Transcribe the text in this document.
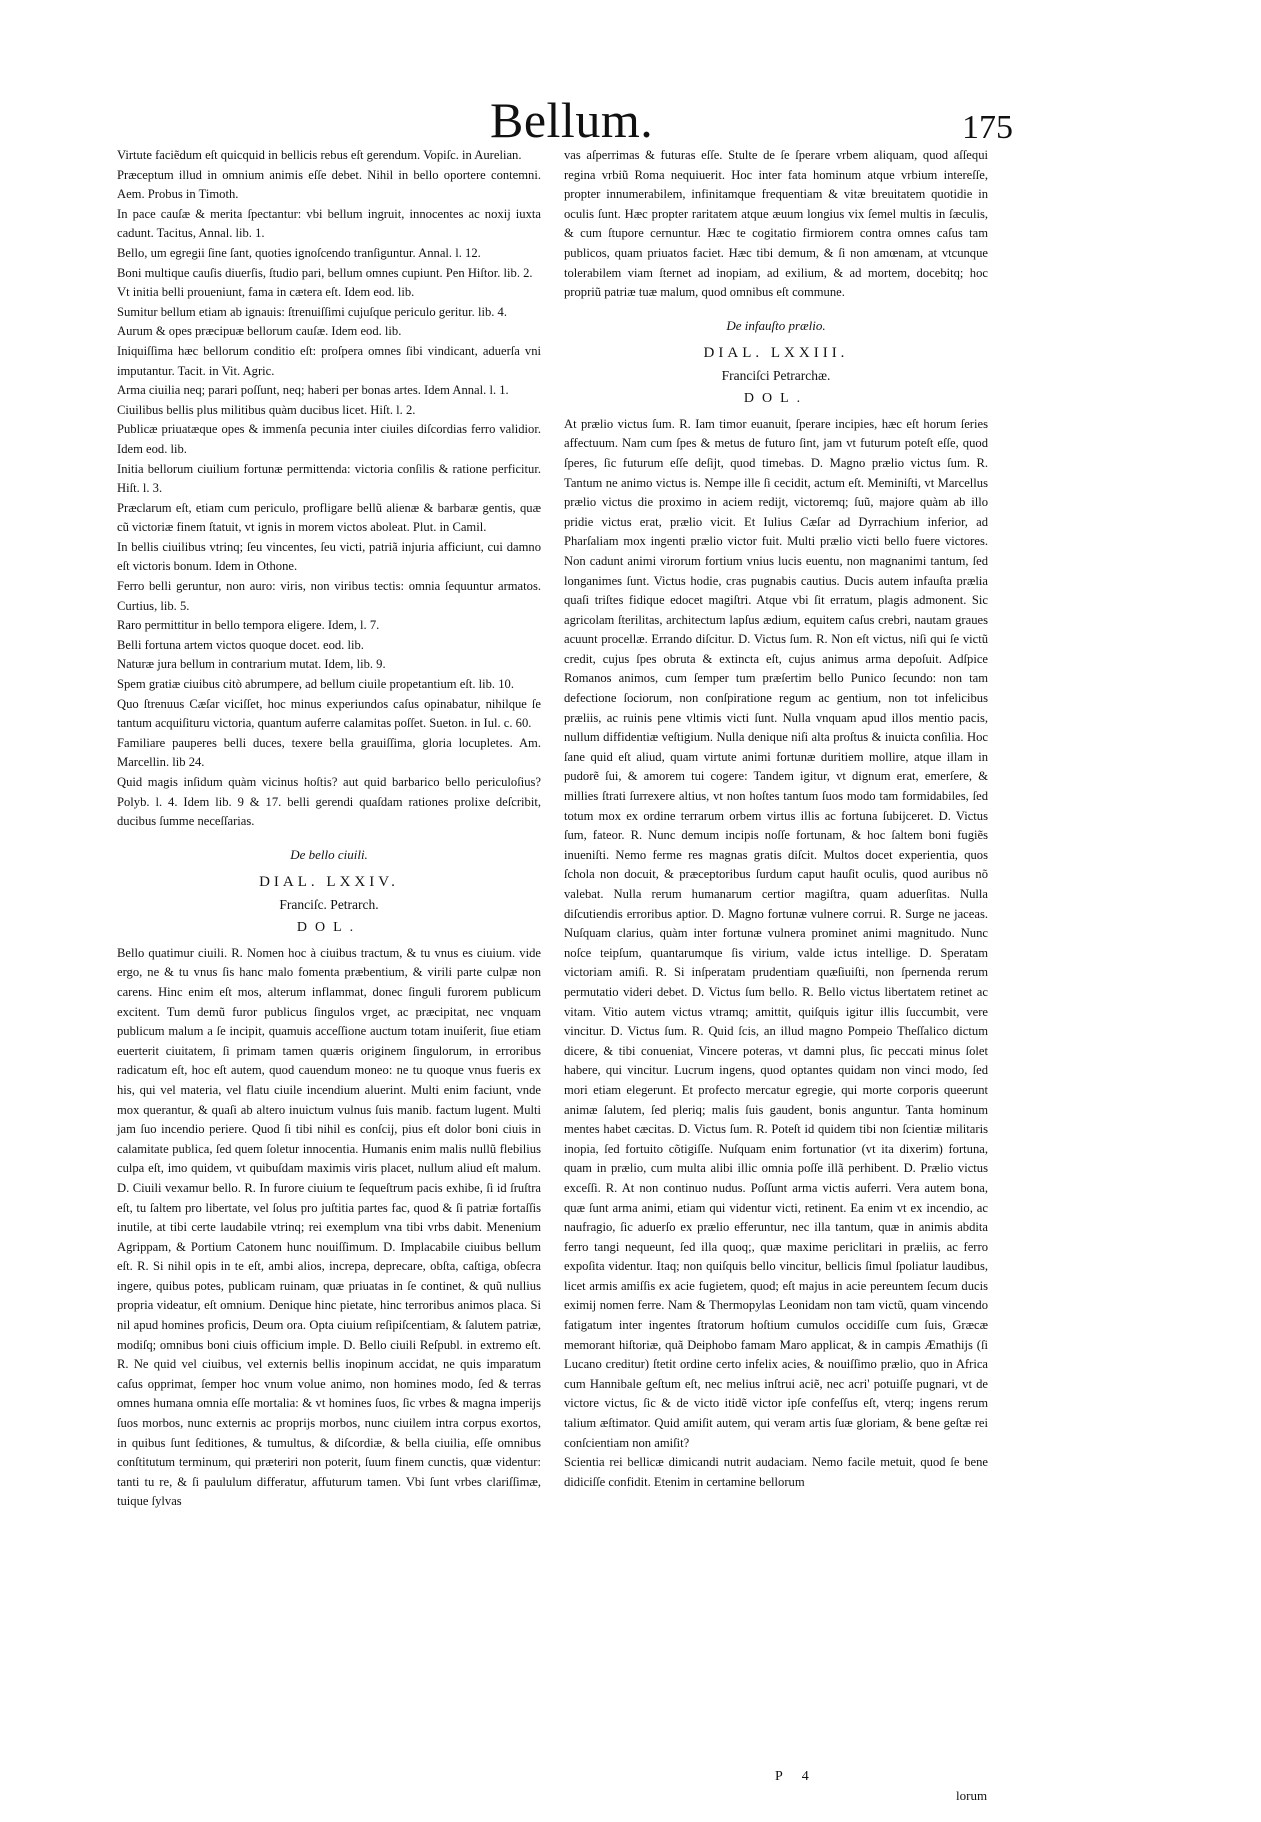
Bellum.	175

Virtute faciẽdum eſt quicquid in bellicis rebus eſt gerendum. Vopiſc. in Aurelian.

Præceptum illud in omnium animis eſſe debet. Nihil in bello oportere contemni. Aem. Probus in Timoth.

In pace cauſæ & merita ſpectantur: vbi bellum ingruit, innocentes ac noxij iuxta cadunt. Tacitus, Annal. lib. 1.

Bello, um egregii ſine ſant, quoties ignoſcendo tranſiguntur. Annal. l. 12.

Boni multique cauſis diuerſis, ſtudio pari, bellum omnes cupiunt. Pen Hiſtor. lib. 2.

Vt initia belli proueniunt, fama in cætera eſt. Idem eod. lib.

Sumitur bellum etiam ab ignauis: ſtrenuiſſimi cujuſque periculo geritur. lib. 4.

Aurum & opes præcipuæ bellorum cauſæ. Idem eod. lib.

Iniquiſſima hæc bellorum conditio eſt: proſpera omnes ſibi vindicant, aduerſa vni imputantur. Tacit. in Vit. Agric.

Arma ciuilia neq; parari poſſunt, neq; haberi per bonas artes. Idem Annal. l. 1.

Ciuilibus bellis plus militibus quàm ducibus licet. Hiſt. l. 2.

Publicæ priuatæque opes & immenſa pecunia inter ciuiles diſcordias ferro validior. Idem eod. lib.

Initia bellorum ciuilium fortunæ permittenda: victoria conſilis & ratione perficitur. Hiſt. l. 3.

Præclarum eſt, etiam cum periculo, profligare bellũ alienæ & barbaræ gentis, quæ cũ victoriæ finem ſtatuit, vt ignis in morem victos aboleat. Plut. in Camil.

In bellis ciuilibus vtrinq; ſeu vincentes, ſeu victi, patriã injuria afficiunt, cui damno eſt victoris bonum. Idem in Othone.

Ferro belli geruntur, non auro: viris, non viribus tectis: omnia ſequuntur armatos. Curtius, lib. 5.

Raro permittitur in bello tempora eligere. Idem, l. 7.

Belli fortuna artem victos quoque docet. eod. lib.

Naturæ jura bellum in contrarium mutat. Idem, lib. 9.

Spem gratiæ ciuibus citò abrumpere, ad bellum ciuile propetantium eſt. lib. 10.

Quo ſtrenuus Cæſar viciſſet, hoc minus experiundos caſus opinabatur, nihilque ſe tantum acquiſituru victoria, quantum auferre calamitas poſſet. Sueton. in Iul. c. 60.

Familiare pauperes belli duces, texere bella grauiſſima, gloria locupletes. Am. Marcellin. lib 24.

Quid magis inſidum quàm vicinus hoſtis? aut quid barbarico bello periculoſius? Polyb. l. 4. Idem lib. 9 & 17. belli gerendi quaſdam rationes prolixe deſcribit, ducibus ſumme neceſſarias.

De bello ciuili.
DIAL. LXXIV.
Franciſc. Petrarch.
DOL.

Bello quatimur ciuili. R. Nomen hoc à ciuibus tractum, & tu vnus es ciuium. vide ergo, ne & tu vnus ſis hanc malo fomenta præbentium, & virili parte culpæ non carens. Hinc enim eſt mos, alterum inflammat, donec ſinguli furorem publicum excitent. Tum demũ furor publicus ſingulos vrget, ac præcipitat, nec vnquam publicum malum a ſe incipit, quamuis acceſſione auctum totam inuiſerit, ſiue etiam euerterit ciuitatem, ſi primam tamen quæris originem ſingulorum, in erroribus radicatum eſt, hoc eſt autem, quod cauendum moneo: ne tu quoque vnus fueris ex his, qui vel materia, vel flatu ciuile incendium aluerint. Multi enim faciunt, vnde mox querantur, & quaſi ab altero inuictum vulnus ſuis manib. factum lugent. Multi jam ſuo incendio periere. Quod ſi tibi nihil es conſcij, pius eſt dolor boni ciuis in calamitate publica, ſed quem ſoletur innocentia. Humanis enim malis nullũ flebilius culpa eſt, imo quidem, vt quibuſdam maximis viris placet, nullum aliud eſt malum. D. Ciuili vexamur bello. R. In furore ciuium te ſequeſtrum pacis exhibe, ſi id ſruſtra eſt, tu ſaltem pro libertate, vel ſolus pro juſtitia partes fac, quod & ſi patriæ fortaſſis inutile, at tibi certe laudabile vtrinq; rei exemplum vna tibi vrbs dabit. Menenium Agrippam, & Portium Catonem hunc nouiſſimum. D. Implacabile ciuibus bellum eſt. R. Si nihil opis in te eſt, ambi alios, increpa, deprecare, obſta, caſtiga, obſecra ingere, quibus potes, publicam ruinam, quæ priuatas in ſe continet, & quũ nullius propria videatur, eſt omnium. Denique hinc pietate, hinc terroribus animos placa. Si nil apud homines proficis, Deum ora. Opta ciuium reſipiſcentiam, & ſalutem patriæ, modiſq; omnibus boni ciuis officium imple. D. Bello ciuili Reſpubl. in extremo eſt. R. Ne quid vel ciuibus, vel externis bellis inopinum accidat, ne quis imparatum caſus opprimat, ſemper hoc vnum volue animo, non homines modo, ſed & terras omnes humana omnia eſſe mortalia: & vt homines ſuos, ſic vrbes & magna imperijs ſuos morbos, nunc externis ac proprijs morbos, nunc ciuilem intra corpus exortos, in quibus ſunt ſeditiones, & tumultus, & diſcordiæ, & bella ciuilia, eſſe omnibus conſtitutum terminum, qui præteriri non poterit, ſuum finem cunctis, quæ videntur: tanti tu re, & ſi paululum differatur, affuturum tamen. Vbi ſunt vrbes clariſſimæ, tuique ſylvas

vas aſperrimas & futuras eſſe. Stulte de ſe ſperare vrbem aliquam, quod aſſequi regina vrbiũ Roma nequiuerit. Hoc inter fata hominum atque vrbium intereſſe, propter innumerabilem, infinitamque frequentiam & vitæ breuitatem quotidie in oculis ſunt. Hæc propter raritatem atque æuum longius vix ſemel multis in ſæculis, & cum ſtupore cernuntur. Hæc te cogitatio firmiorem contra omnes caſus tam publicos, quam priuatos faciet. Hæc tibi demum, & ſi non amœnam, at vtcunque tolerabilem viam ſternet ad inopiam, ad exilium, & ad mortem, docebitq; hoc propriũ patriæ tuæ malum, quod omnibus eſt commune.

De infauſto prælio.
DIAL. LXXIII.
Franciſci Petrarchæ.
DOL.

At prælio victus ſum. R. Iam timor euanuit, ſperare incipies, hæc eſt horum ſeries affectuum. Nam cum ſpes & metus de futuro ſint, jam vt futurum poteſt eſſe, quod ſperes, ſic futurum eſſe deſijt, quod timebas. D. Magno prælio victus ſum. R. Tantum ne animo victus is. Nempe ille ſi cecidit, actum eſt. Meminiſti, vt Marcellus prælio victus die proximo in aciem redijt, victoremq; ſuũ, majore quàm ab illo pridie victus erat, prælio vicit. Et Iulius Cæſar ad Dyrrachium inferior, ad Pharſaliam mox ingenti prælio victor fuit. Multi prælio victi bello fuere victores. Non cadunt animi virorum fortium vnius lucis euentu, non magnanimi tantum, ſed longanimes ſunt. Victus hodie, cras pugnabis cautius. Ducis autem infauſta prælia quaſi triſtes fidique edocet magiſtri. Atque vbi ſit erratum, plagis admonent. Sic agricolam ſterilitas, architectum lapſus ædium, equitem caſus crebri, nautam graues acuunt procellæ. Errando diſcitur. D. Victus ſum. R. Non eſt victus, niſi qui ſe victũ credit, cujus ſpes obruta & extincta eſt, cujus animus arma depoſuit. Adſpice Romanos animos, cum ſemper tum præſertim bello Punico ſecundo: non tam defectione ſociorum, non conſpiratione regum ac gentium, non tot infelicibus præliis, ac ruinis pene vltimis victi ſunt. Nulla vnquam apud illos mentio pacis, nullum diffidentiæ veſtigium. Nulla denique niſi alta proſtus & inuicta conſilia. Hoc ſane quid eſt aliud, quam virtute animi fortunæ duritiem mollire, atque illam in pudorẽ ſui, & amorem tui cogere: Tandem igitur, vt dignum erat, emerſere, & millies ſtrati ſurrexere altius, vt non hoſtes tantum ſuos modo tam formidabiles, ſed totum mox ex ordine terrarum orbem virtus illis ac fortuna ſubijceret. D. Victus ſum, fateor. R. Nunc demum incipis noſſe fortunam, & hoc ſaltem boni fugiẽs inueniſti. Nemo ferme res magnas gratis diſcit. Multos docet experientia, quos ſchola non docuit, & præceptoribus ſurdum caput hauſit oculis, quod auribus nõ valebat. Nulla rerum humanarum certior magiſtra, quam aduerſitas. Nulla diſcutiendis erroribus aptior. D. Magno fortunæ vulnere corrui. R. Surge ne jaceas. Nuſquam clarius, quàm inter fortunæ vulnera prominet animi magnitudo. Nunc noſce teipſum, quantarumque ſis virium, valde ictus intellige. D. Speratam victoriam amiſi. R. Si inſperatam prudentiam quæſiuiſti, non ſpernenda rerum permutatio videri debet. D. Victus ſum bello. R. Bello victus libertatem retinet ac vitam. Vitio autem victus vtramq; amittit, quiſquis igitur illis ſuccumbit, vere vincitur. D. Victus ſum. R. Quid ſcis, an illud magno Pompeio Theſſalico dictum dicere, & tibi conueniat, Vincere poteras, vt damni plus, ſic peccati minus ſolet habere, qui vincitur. Lucrum ingens, quod optantes quidam non vinci modo, ſed mori etiam elegerunt. Et profecto mercatur egregie, qui morte corporis queerunt animæ ſalutem, ſed pleriq; malis ſuis gaudent, bonis anguntur. Tanta hominum mentes habet cæcitas. D. Victus ſum. R. Poteſt id quidem tibi non ſcientiæ militaris inopia, ſed fortuito cõtigiſſe. Nuſquam enim fortunatior (vt ita dixerim) fortuna, quam in prælio, cum multa alibi illic omnia poſſe illã perhibent. D. Prælio victus exceſſi. R. At non continuo nudus. Poſſunt arma victis auferri. Vera autem bona, quæ ſunt arma animi, etiam qui videntur victi, retinent. Ea enim vt ex incendio, ac naufragio, ſic aduerſo ex prælio efferuntur, nec illa tantum, quæ in animis abdita ferro tangi nequeunt, ſed illa quoq;, quæ maxime periclitari in præliis, ac ferro expoſita videntur. Itaq; non quiſquis bello vincitur, bellicis ſimul ſpoliatur laudibus, licet armis amiſſis ex acie fugietem, quod; eſt majus in acie pereuntem ſecum ducis eximij nomen ferre. Nam & Thermopylas Leonidam non tam victũ, quam vincendo fatigatum inter ingentes ſtratorum hoſtium cumulos occidiſſe cum ſuis, Græcæ memorant hiſtoriæ, quã Deiphobo famam Maro applicat, & in campis Æmathijs (ſi Lucano creditur) ſtetit ordine certo infelix acies, & nouiſſimo prælio, quo in Africa cum Hannibale geſtum eſt, nec melius inſtrui aciẽ, nec acri' potuiſſe pugnari, vt de victore victus, ſic & de victo itidẽ victor ipſe confeſſus eſt, vterq; ingens rerum talium æſtimator. Quid amiſit autem, qui veram artis ſuæ gloriam, & bene geſtæ rei conſcientiam non amiſit?

Scientia rei bellicæ dimicandi nutrit audaciam. Nemo facile metuit, quod ſe bene didiciſſe confidit. Etenim in certamine bellorum

P 4
lorum
